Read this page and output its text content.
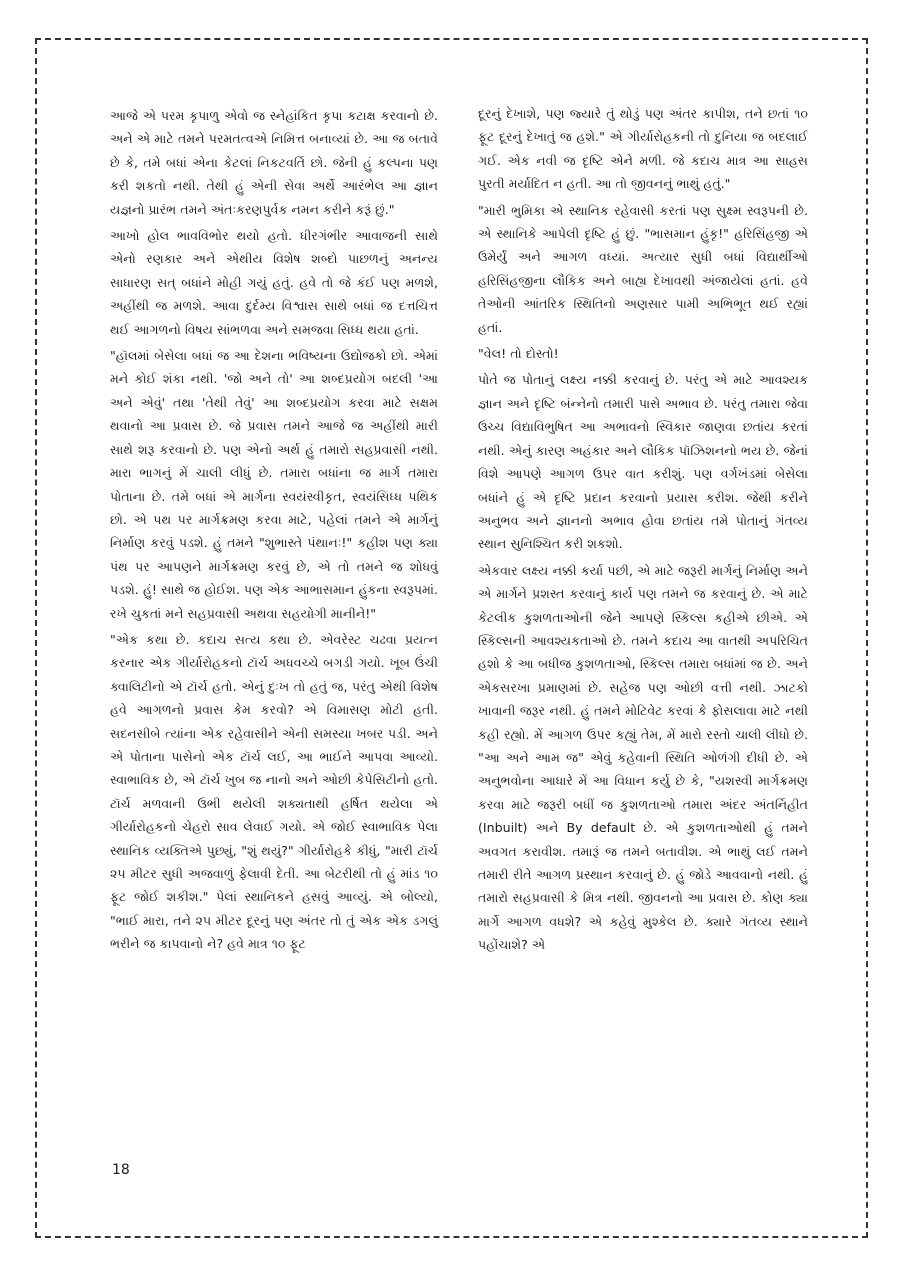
આજે એ પરમ કૃપાળુ એવો જ સ્નેહાંકિત કૃપા કટાક્ષ કરવાનો છે. અને એ માટે તમને પરમતત્વએ નિમિત્ત બનાવ્યાં છે. આ જ બતાવે છે કે, તમે બધાં એના કેટલાં નિકટવર્તિ છો. જેની હું કલ્પના પણ કરી શકતો નથી. તેથી હું એની સેવા અર્થે આરંભેલ આ જ્ઞાન યજ્ઞનો પ્રારંભ તમને અંતઃકરણપુર્વક નમન કરીને કરૂં છું."

આખો હોલ ભાવવિભોર થયો હતો. ધીરગંભીર આવાજની સાથે એનો રણકાર અને એથીય વિશેષ શબ્દો પાછળનું અનન્ય સાધારણ સત્ બધાંને મોહી ગયું હતું. હવે તો જે કંઈ પણ મળશે, અહીંથી જ મળશે. આવા દુર્દમ્ય વિશ્વાસ સાથે બધાં જ દત્તચિત્ત થઈ આગળનો વિષય સાંભળવા અને સમજવા સિધ્ધ થયા હતાં.

"હૉલમાં બેસેલા બધાં જ આ દેશના ભવિષ્યના ઉદ્યોજકો છો. એમાં મને કોઈ શંકા નથી. 'જો અને તો' આ શબ્દપ્રયોગ બદલી 'આ અને એવું' તથા 'તેથી તેવું' આ શબ્દપ્રયોગ કરવા માટે સક્ષમ થવાનો આ પ્રવાસ છે. જે પ્રવાસ તમને આજે જ અહીંથી મારી સાથે શરૂ કરવાનો છે. પણ એનો અર્થ હું તમારો સહપ્રવાસી નથી. મારા ભાગનું મેં ચાલી લીધું છે. તમારા બધાંના જ માર્ગ તમારા પોતાના છે. તમે બધાં એ માર્ગના સ્વયંસ્વીકૃત, સ્વયંસિધ્ધ પથિક છો. એ પથ પર માર્ગક્રમણ કરવા માટે, પહેલાં તમને એ માર્ગનું નિર્માણ કરવું પડશે. હું તમને "શુભાસ્તે પંથાનઃ!" કહીશ પણ ક્યા પંથ પર આપણને માર્ગક્રમણ કરવું છે, એ તો તમને જ શોધવું પડશે. હું! સાથે જ હોઈશ. પણ એક આભાસમાન હુંકના સ્વરૂપમાં. રખે ચુકતાં મને સહપ્રવાસી અથવા સહયોગી માનીને!"

"એક કથા છે. કદાચ સત્ય કથા છે. એવરેસ્ટ ચઢવા પ્રયત્ન કરનાર એક ગીર્યારોહકનો ટૉર્ચ અધવચ્ચે બગડી ગયો. ખૂબ ઉંચી ક્વાલિટીનો એ ટૉર્ચ હતો. એનું દુઃખ તો હતું જ, પરંતુ એથી વિશેષ હવે આગળનો પ્રવાસ કેમ કરવો? એ વિમાસણ મોટી હતી. સદનસીબે ત્યાંના એક રહેવાસીને એની સમસ્યા ખબર પડી. અને એ પોતાના પાસેનો એક ટૉર્ચ લઈ, આ ભાઈને આપવા આવ્યો. સ્વાભાવિક છે, એ ટૉર્ચ ખુબ જ નાનો અને ઓછી કેપેસિટીનો હતો. ટૉર્ચ મળવાની ઉભી થયેલી શક્યતાથી હર્ષિત થયેલા એ ગીર્યારોહકનો ચેહરો સાવ લેવાઈ ગયો. એ જોઈ સ્વાભાવિક પેલા સ્થાનિક વ્યક્તિએ પુછ્યું, "શું થયું?" ગીર્યારોહકે કીધું, "મારી ટૉર્ચ ૨૫ મીટર સુધી અજવાળું ફેલાવી દેતી. આ બેટરીથી તો હું માંડ ૧૦ ફૂટ જોઈ શકીશ." પેલાં સ્થાનિકને હસવું આવ્યું. એ બોલ્યો, "ભાઈ મારા, તને ૨૫ મીટર દૂરનું પણ અંતર તો તું એક એક ડગલું ભરીને જ કાપવાનો ને? હવે માત્ર ૧૦ ફૂટ

દૂરનું દેખાશે, પણ જ્યારે તું થોડું પણ અંતર કાપીશ, તને છતાં ૧૦ ફૂટ દૂરનું દેખાતું જ હશે." એ ગીર્યારોહકની તો દુનિયા જ બદલાઈ ગઈ. એક નવી જ દૃષ્ટિ એને મળી. જે કદાચ માત્ર આ સાહસ પુરતી મર્યાદિત ન હતી. આ તો જીવનનું ભાથું હતું."

"મારી ભુમિકા એ સ્થાનિક રહેવાસી કરતાં પણ સુક્ષ્મ સ્વરૂપની છે. એ સ્થાનિકે આપેલી દૃષ્ટિ હું છું. "ભાસમાન હુંકૃ!" હરિસિંહજી એ ઉમેર્યું અને આગળ વધ્યાં. અત્યાર સુધી બધાં વિદ્યાર્થીઓ હરિસિંહજીના લૌકિક અને બાહ્ય દેખાવથી અંજાયેલાં હતાં. હવે તેઓની આંતરિક સ્થિતિનો અણસાર પામી અભિભૂત થઈ રહ્યાં હતાં.

"વેલ! તો દોસ્તો!

પોતે જ પોતાનું લક્ષ્ય નક્કી કરવાનું છે. પરંતુ એ માટે આવશ્યક જ્ઞાન અને દૃષ્ટિ બંન્નેનો તમારી પાસે અભાવ છે. પરંતુ તમારા જેવા ઉચ્ચ વિદ્યાવિભુષિત આ અભાવનો સ્વિકાર જાણવા છતાંય કરતાં નથી. એનું કારણ અહંકાર અને લૌકિક પૉઝિશનનો ભય છે. જેનાં વિશે આપણે આગળ ઉપર વાત કરીશું. પણ વર્ગખંડમાં બેસેલા બધાંને હું એ દૃષ્ટિ પ્રદાન કરવાનો પ્રયાસ કરીશ. જેથી કરીને અનુભવ અને જ્ઞાનનો અભાવ હોવા છતાંય તમે પોતાનું ગંતવ્ય સ્થાન સુનિશ્ચિત કરી શકશો.

એકવાર લક્ષ્ય નક્કી કર્યા પછી, એ માટે જરૂરી માર્ગનું નિર્માણ અને એ માર્ગને પ્રશસ્ત કરવાનું કાર્ય પણ તમને જ કરવાનું છે. એ માટે કેટલીક કુશળતાઓની જેને આપણે સ્કિલ્સ કહીએ છીએ. એ સ્કિલ્સની આવશ્યકતાઓ છે. તમને કદાચ આ વાતથી અપરિચિત હશો કે આ બધીજ કુશળતાઓ, સ્કિલ્સ તમારા બધાંમાં જ છે. અને એકસરખા પ્રમાણમાં છે. સહેજ પણ ઓછી વત્તી નથી. ઝાટકો ખાવાની જરૂર નથી. હું તમને મોટિવેટ કરવાં કે ફોસલાવા માટે નથી કહી રહ્યો. મેં આગળ ઉપર કહ્યું તેમ, મેં મારો રસ્તો ચાલી લીધો છે. "આ અને આમ જ" એવું કહેવાની સ્થિતિ ઓળંગી દીધી છે. એ અનુભવોના આધારે મેં આ વિધાન કર્યુ છે કે, "યશસ્વી માર્ગક્રમણ કરવા માટે જરૂરી બધીં જ કુશળતાઓ તમારા અંદર અંતર્નિહીત (Inbuilt) અને By default છે. એ કુશળતાઓથી હું તમને અવગત કરાવીશ. તમારૂં જ તમને બતાવીશ. એ ભાથું લઈ તમને તમારી રીતે આગળ પ્રસ્થાન કરવાનું છે. હું જોડે આવવાનો નથી. હું તમારો સહપ્રવાસી કે મિત્ર નથી. જીવનનો આ પ્રવાસ છે. કોણ ક્યા માર્ગે આગળ વધશે? એ કહેવું મુશ્કેલ છે. ક્યારે ગંતવ્ય સ્થાને પહોંચાશે? એ

18
